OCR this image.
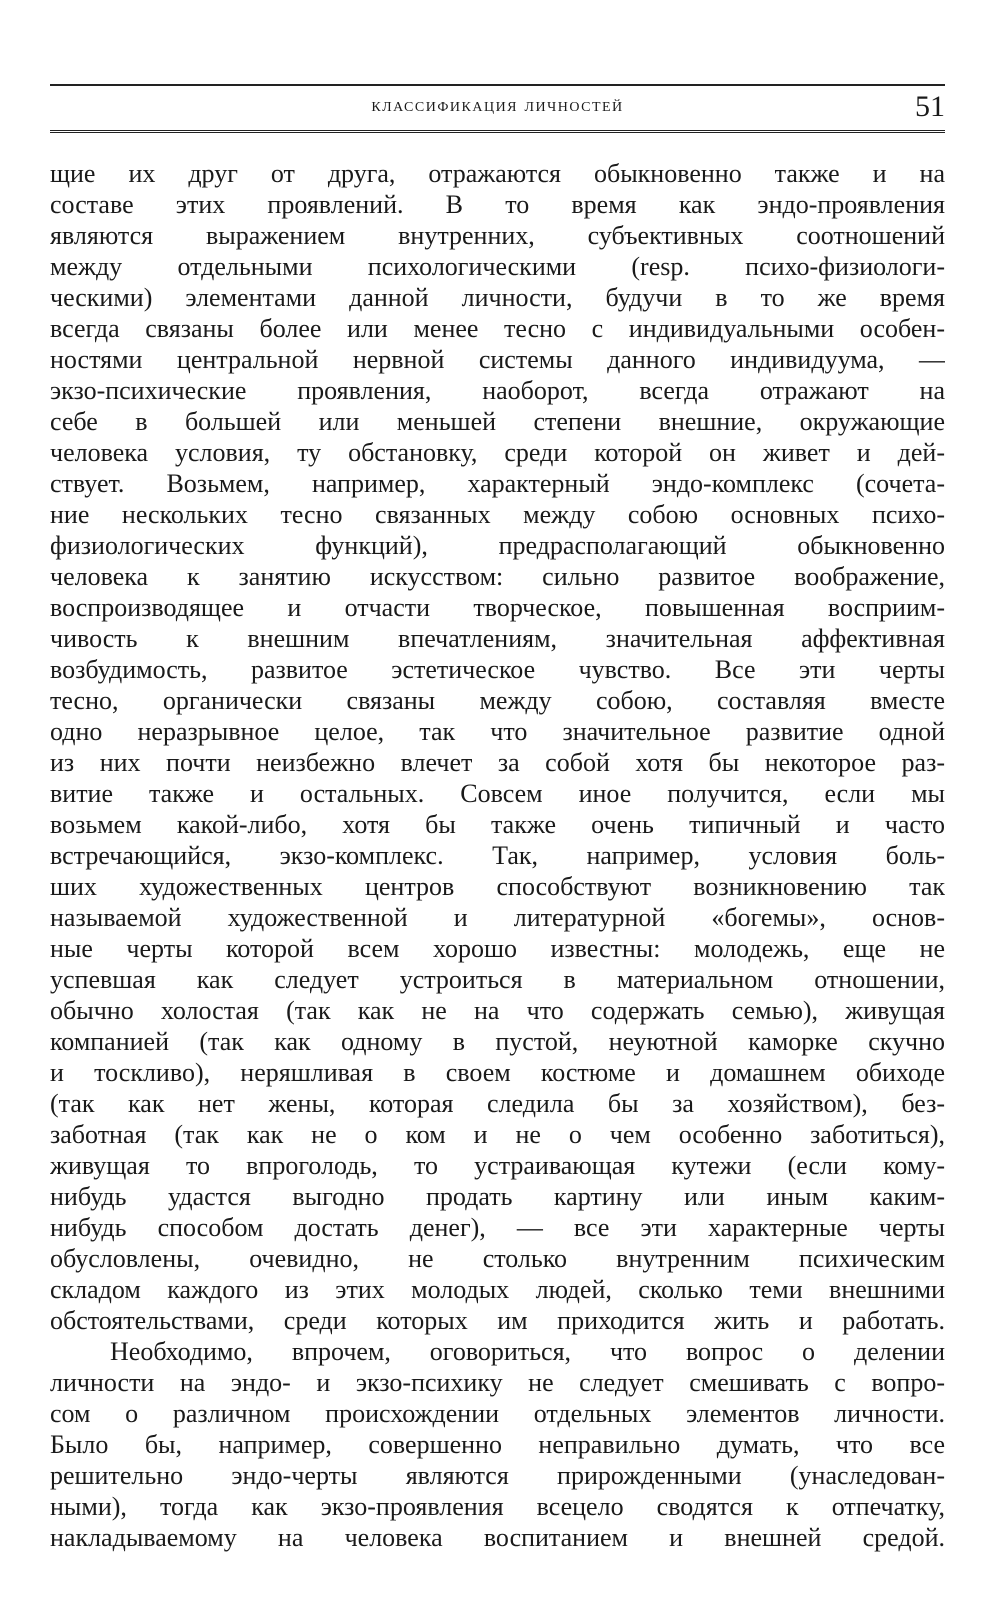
классификация личностей	51
щие их друг от друга, отражаются обыкновенно также и на
составе этих проявлений. В то время как эндо-проявления
являются выражением внутренних, субъективных соотношений
между отдельными психологическими (resp. психо-физиологи-
ческими) элементами данной личности, будучи в то же время
всегда связаны более или менее тесно с индивидуальными особен-
ностями центральной нервной системы данного индивидуума, —
экзо-психические проявления, наоборот, всегда отражают на
себе в большей или меньшей степени внешние, окружающие
человека условия, ту обстановку, среди которой он живет и дей-
ствует. Возьмем, например, характерный эндо-комплекс (сочета-
ние нескольких тесно связанных между собою основных психо-
физиологических функций), предрасполагающий обыкновенно
человека к занятию искусством: сильно развитое воображение,
воспроизводящее и отчасти творческое, повышенная восприим-
чивость к внешним впечатлениям, значительная аффективная
возбудимость, развитое эстетическое чувство. Все эти черты
тесно, органически связаны между собою, составляя вместе
одно неразрывное целое, так что значительное развитие одной
из них почти неизбежно влечет за собой хотя бы некоторое раз-
витие также и остальных. Совсем иное получится, если мы
возьмем какой-либо, хотя бы также очень типичный и часто
встречающийся, экзо-комплекс. Так, например, условия боль-
ших художественных центров способствуют возникновению так
называемой художественной и литературной «богемы», основ-
ные черты которой всем хорошо известны: молодежь, еще не
успевшая как следует устроиться в материальном отношении,
обычно холостая (так как не на что содержать семью), живущая
компанией (так как одному в пустой, неуютной каморке скучно
и тоскливо), неряшливая в своем костюме и домашнем обиходе
(так как нет жены, которая следила бы за хозяйством), без-
заботная (так как не о ком и не о чем особенно заботиться),
живущая то впроголодь, то устраивающая кутежи (если кому-
нибудь удастся выгодно продать картину или иным каким-
нибудь способом достать денег), — все эти характерные черты
обусловлены, очевидно, не столько внутренним психическим
складом каждого из этих молодых людей, сколько теми внешними
обстоятельствами, среди которых им приходится жить и работать.
Необходимо, впрочем, оговориться, что вопрос о делении
личности на эндо- и экзо-психику не следует смешивать с вопро-
сом о различном происхождении отдельных элементов личности.
Было бы, например, совершенно неправильно думать, что все
решительно эндо-черты являются прирожденными (унаследован-
ными), тогда как экзо-проявления всецело сводятся к отпечатку,
накладываемому на человека воспитанием и внешней средой.
